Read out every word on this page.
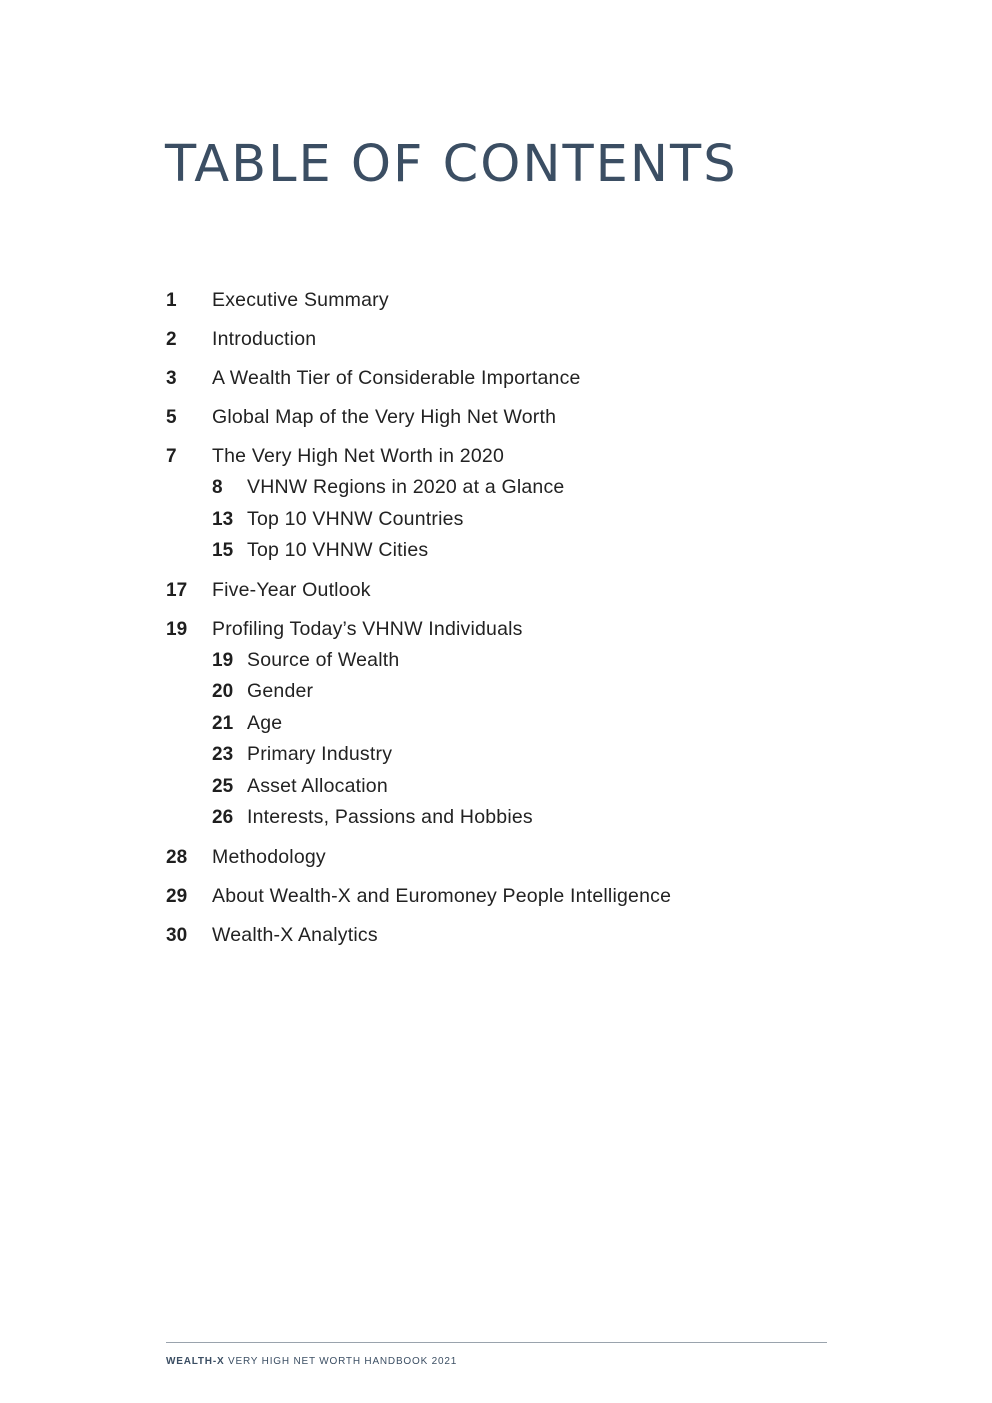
TABLE OF CONTENTS
1	Executive Summary
2	Introduction
3	A Wealth Tier of Considerable Importance
5	Global Map of the Very High Net Worth
7	The Very High Net Worth in 2020
8	VHNW Regions in 2020 at a Glance
13 Top 10 VHNW Countries
15 Top 10 VHNW Cities
17	Five-Year Outlook
19	Profiling Today’s VHNW Individuals
19 Source of Wealth
20 Gender
21 Age
23 Primary Industry
25 Asset Allocation
26 Interests, Passions and Hobbies
28	Methodology
29	About Wealth-X and Euromoney People Intelligence
30	Wealth-X Analytics
WEALTH-X VERY HIGH NET WORTH HANDBOOK 2021
